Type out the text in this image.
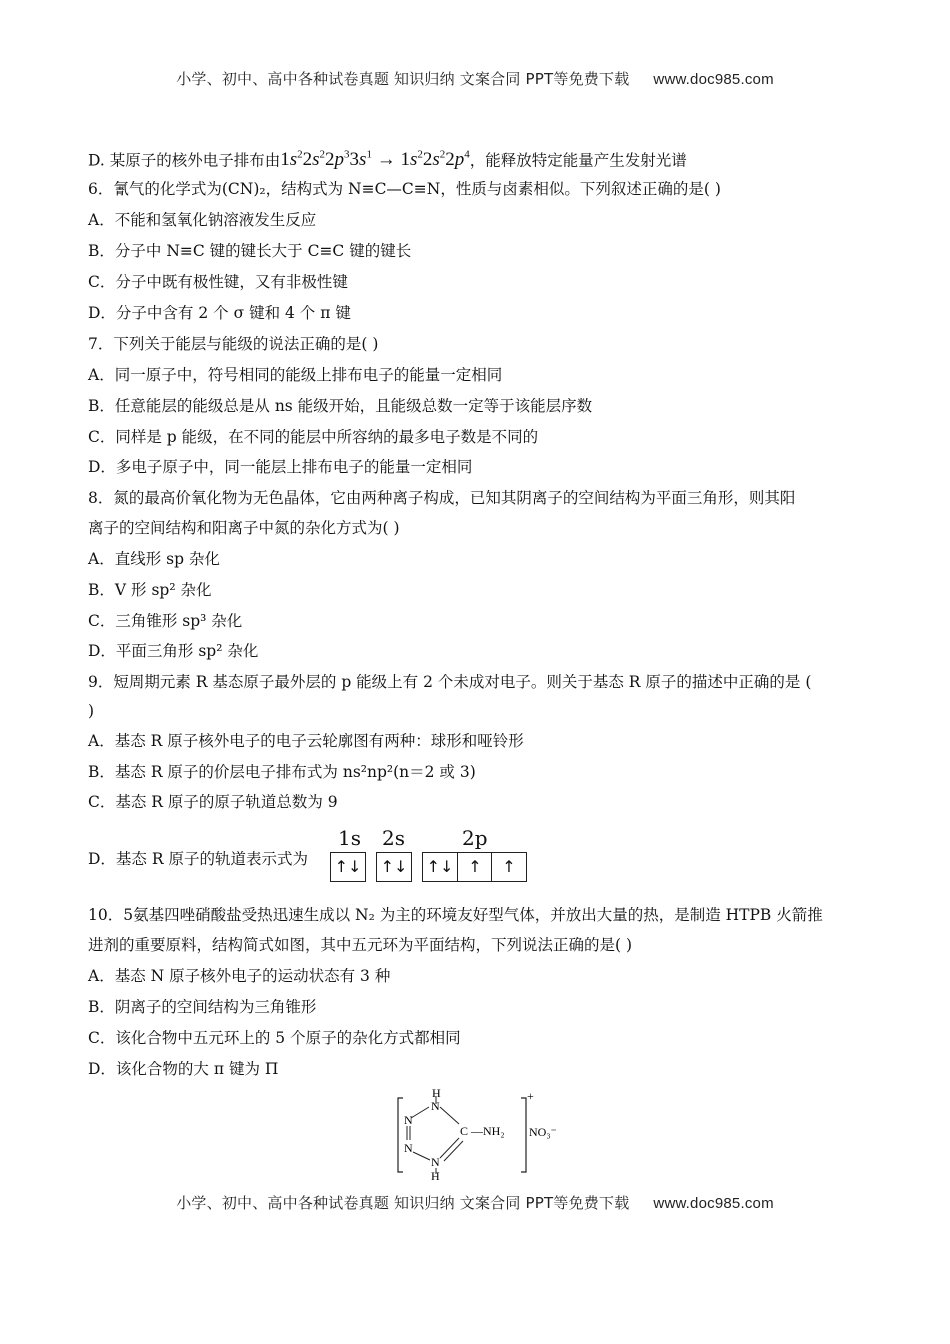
小学、初中、高中各种试卷真题 知识归纳 文案合同 PPT等免费下载 www.doc985.com
D. 某原子的核外电子排布由$1s^22s^22p^33s^1 \to 1s^22s^22p^4$，能释放特定能量产生发射光谱
6．氰气的化学式为(CN)₂，结构式为 N≡C—C≡N，性质与卤素相似。下列叙述正确的是( )
A．不能和氢氧化钠溶液发生反应
B．分子中 N≡C 键的键长大于 C≡C 键的键长
C．分子中既有极性键，又有非极性键
D．分子中含有 2 个 σ 键和 4 个 π 键
7．下列关于能层与能级的说法正确的是( )
A．同一原子中，符号相同的能级上排布电子的能量一定相同
B．任意能层的能级总是从 ns 能级开始，且能级总数一定等于该能层序数
C．同样是 p 能级，在不同的能层中所容纳的最多电子数是不同的
D．多电子原子中，同一能层上排布电子的能量一定相同
8．氮的最高价氧化物为无色晶体，它由两种离子构成，已知其阴离子的空间结构为平面三角形，则其阳
离子的空间结构和阳离子中氮的杂化方式为( )
A．直线形 sp 杂化
B．V 形 sp² 杂化
C．三角锥形 sp³ 杂化
D．平面三角形 sp² 杂化
9．短周期元素 R 基态原子最外层的 p 能级上有 2 个未成对电子。则关于基态 R 原子的描述中正确的是 (
)
A．基态 R 原子核外电子的电子云轮廓图有两种：球形和哑铃形
B．基态 R 原子的价层电子排布式为 ns²np²(n＝2 或 3)
C．基态 R 原子的原子轨道总数为 9
D．基态 R 原子的轨道表示式为
1s 2s	2p
↑↓ ↑↓ ↑↓ ↑	↑
10．5氨基四唑硝酸盐受热迅速生成以 N₂ 为主的环境友好型气体，并放出大量的热，是制造 HTPB 火箭推
进剂的重要原料，结构简式如图，其中五元环为平面结构，下列说法正确的是( )
A．基态 N 原子核外电子的运动状态有 3 种
B．阴离子的空间结构为三角锥形
C．该化合物中五元环上的 5 个原子的杂化方式都相同
D．该化合物的大 π 键为 Π
H
N
N
N
N
H
C —NH₂
+
NO₃⁻
小学、初中、高中各种试卷真题 知识归纳 文案合同 PPT等免费下载 www.doc985.com
